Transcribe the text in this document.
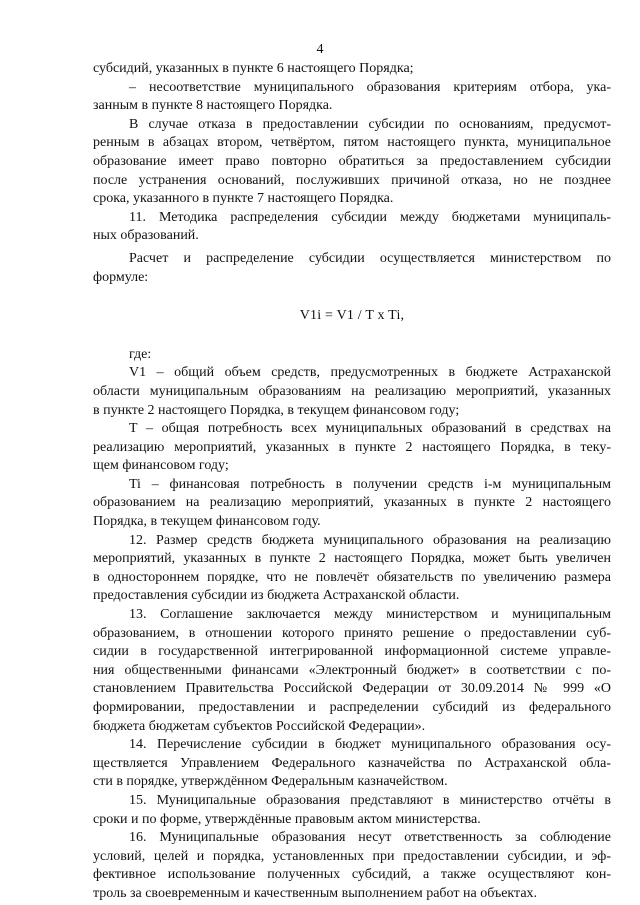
4
субсидий, указанных в пункте 6 настоящего Порядка;
– несоответствие муниципального образования критериям отбора, ука-
занным в пункте 8 настоящего Порядка.
В случае отказа в предоставлении субсидии по основаниям, предусмот-
ренным в абзацах втором, четвёртом, пятом настоящего пункта, муниципальное
образование имеет право повторно обратиться за предоставлением субсидии
после устранения оснований, послуживших причиной отказа, но не позднее
срока, указанного в пункте 7 настоящего Порядка.
11. Методика распределения субсидии между бюджетами муниципаль-
ных образований.
Расчет и распределение субсидии осуществляется министерством по
формуле:
V1i = V1 / T x Ti,
где:
V1 – общий объем средств, предусмотренных в бюджете Астраханской
области муниципальным образованиям на реализацию мероприятий, указанных
в пункте 2 настоящего Порядка, в текущем финансовом году;
T – общая потребность всех муниципальных образований в средствах на
реализацию мероприятий, указанных в пункте 2 настоящего Порядка, в теку-
щем финансовом году;
Ti – финансовая потребность в получении средств i-м муниципальным
образованием на реализацию мероприятий, указанных в пункте 2 настоящего
Порядка, в текущем финансовом году.
12. Размер средств бюджета муниципального образования на реализацию
мероприятий, указанных в пункте 2 настоящего Порядка, может быть увеличен
в одностороннем порядке, что не повлечёт обязательств по увеличению размера
предоставления субсидии из бюджета Астраханской области.
13. Соглашение заключается между министерством и муниципальным
образованием, в отношении которого принято решение о предоставлении суб-
сидии в государственной интегрированной информационной системе управле-
ния общественными финансами «Электронный бюджет» в соответствии с по-
становлением Правительства Российской Федерации от 30.09.2014 № 999 «О
формировании, предоставлении и распределении субсидий из федерального
бюджета бюджетам субъектов Российской Федерации».
14. Перечисление субсидии в бюджет муниципального образования осу-
ществляется Управлением Федерального казначейства по Астраханской обла-
сти в порядке, утверждённом Федеральным казначейством.
15. Муниципальные образования представляют в министерство отчёты в
сроки и по форме, утверждённые правовым актом министерства.
16. Муниципальные образования несут ответственность за соблюдение
условий, целей и порядка, установленных при предоставлении субсидии, и эф-
фективное использование полученных субсидий, а также осуществляют кон-
троль за своевременным и качественным выполнением работ на объектах.
